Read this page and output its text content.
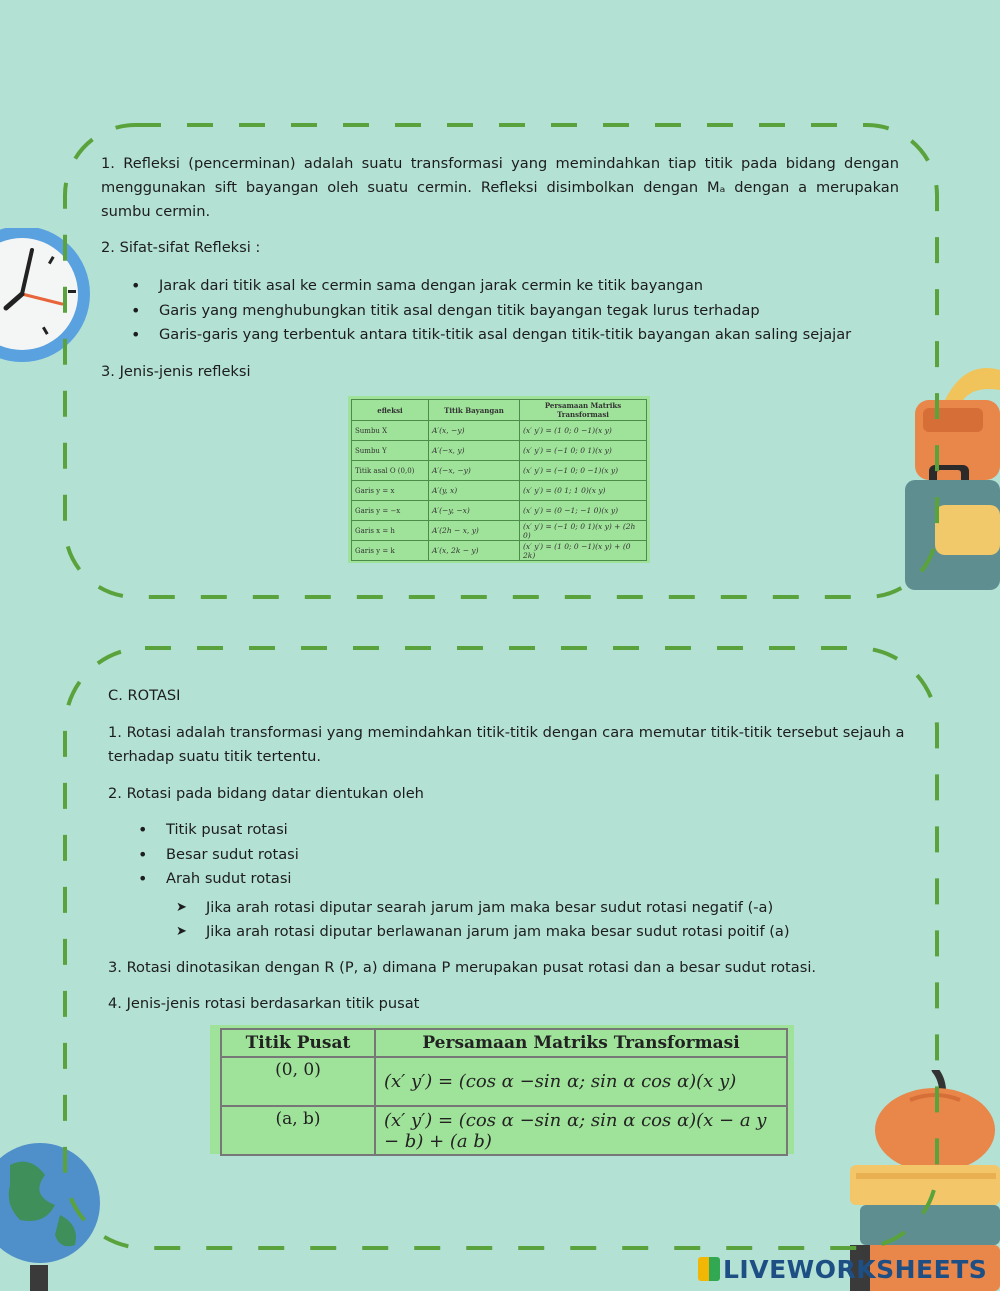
1. Refleksi (pencerminan) adalah suatu transformasi yang memindahkan tiap titik pada bidang dengan menggunakan sift bayangan oleh suatu cermin. Refleksi disimbolkan dengan Mₐ dengan a merupakan sumbu cermin.

2. Sifat-sifat Refleksi :

• Jarak dari titik asal ke cermin sama dengan jarak cermin ke titik bayangan
• Garis yang menghubungkan titik asal dengan titik bayangan tegak lurus terhadap
• Garis-garis yang terbentuk antara titik-titik asal dengan titik-titik bayangan akan saling sejajar

3. Jenis-jenis refleksi

efleksi	Titik Bayangan	Persamaan Matriks Transformasi
Sumbu X	A′(x, −y)	(x′ y′) = (1 0; 0 −1)(x y)
Sumbu Y	A′(−x, y)	(x′ y′) = (−1 0; 0 1)(x y)
Titik asal O (0,0)	A′(−x, −y)	(x′ y′) = (−1 0; 0 −1)(x y)
Garis y = x	A′(y, x)	(x′ y′) = (0 1; 1 0)(x y)
Garis y = −x	A′(−y, −x)	(x′ y′) = (0 −1; −1 0)(x y)
Garis x = h	A′(2h − x, y)	(x′ y′) = (−1 0; 0 1)(x y) + (2h 0)
Garis y = k	A′(x, 2k − y)	(x′ y′) = (1 0; 0 −1)(x y) + (0 2k)

C. ROTASI

1. Rotasi adalah transformasi yang memindahkan titik-titik dengan cara memutar titik-titik tersebut sejauh a terhadap suatu titik tertentu.

2. Rotasi pada bidang datar dientukan oleh

• Titik pusat rotasi
• Besar sudut rotasi
• Arah sudut rotasi
➤ Jika arah rotasi diputar searah jarum jam maka besar sudut rotasi negatif (-a)
➤ Jika arah rotasi diputar berlawanan jarum jam maka besar sudut rotasi poitif (a)

3. Rotasi dinotasikan dengan R (P, a) dimana P merupakan pusat rotasi dan a besar sudut rotasi.

4. Jenis-jenis rotasi berdasarkan titik pusat

Titik Pusat	Persamaan Matriks Transformasi
(0, 0)	(x′ y′) = (cos α −sin α; sin α cos α)(x y)
(a, b)	(x′ y′) = (cos α −sin α; sin α cos α)(x − a y − b) + (a b)
LIVEWORKSHEETS
